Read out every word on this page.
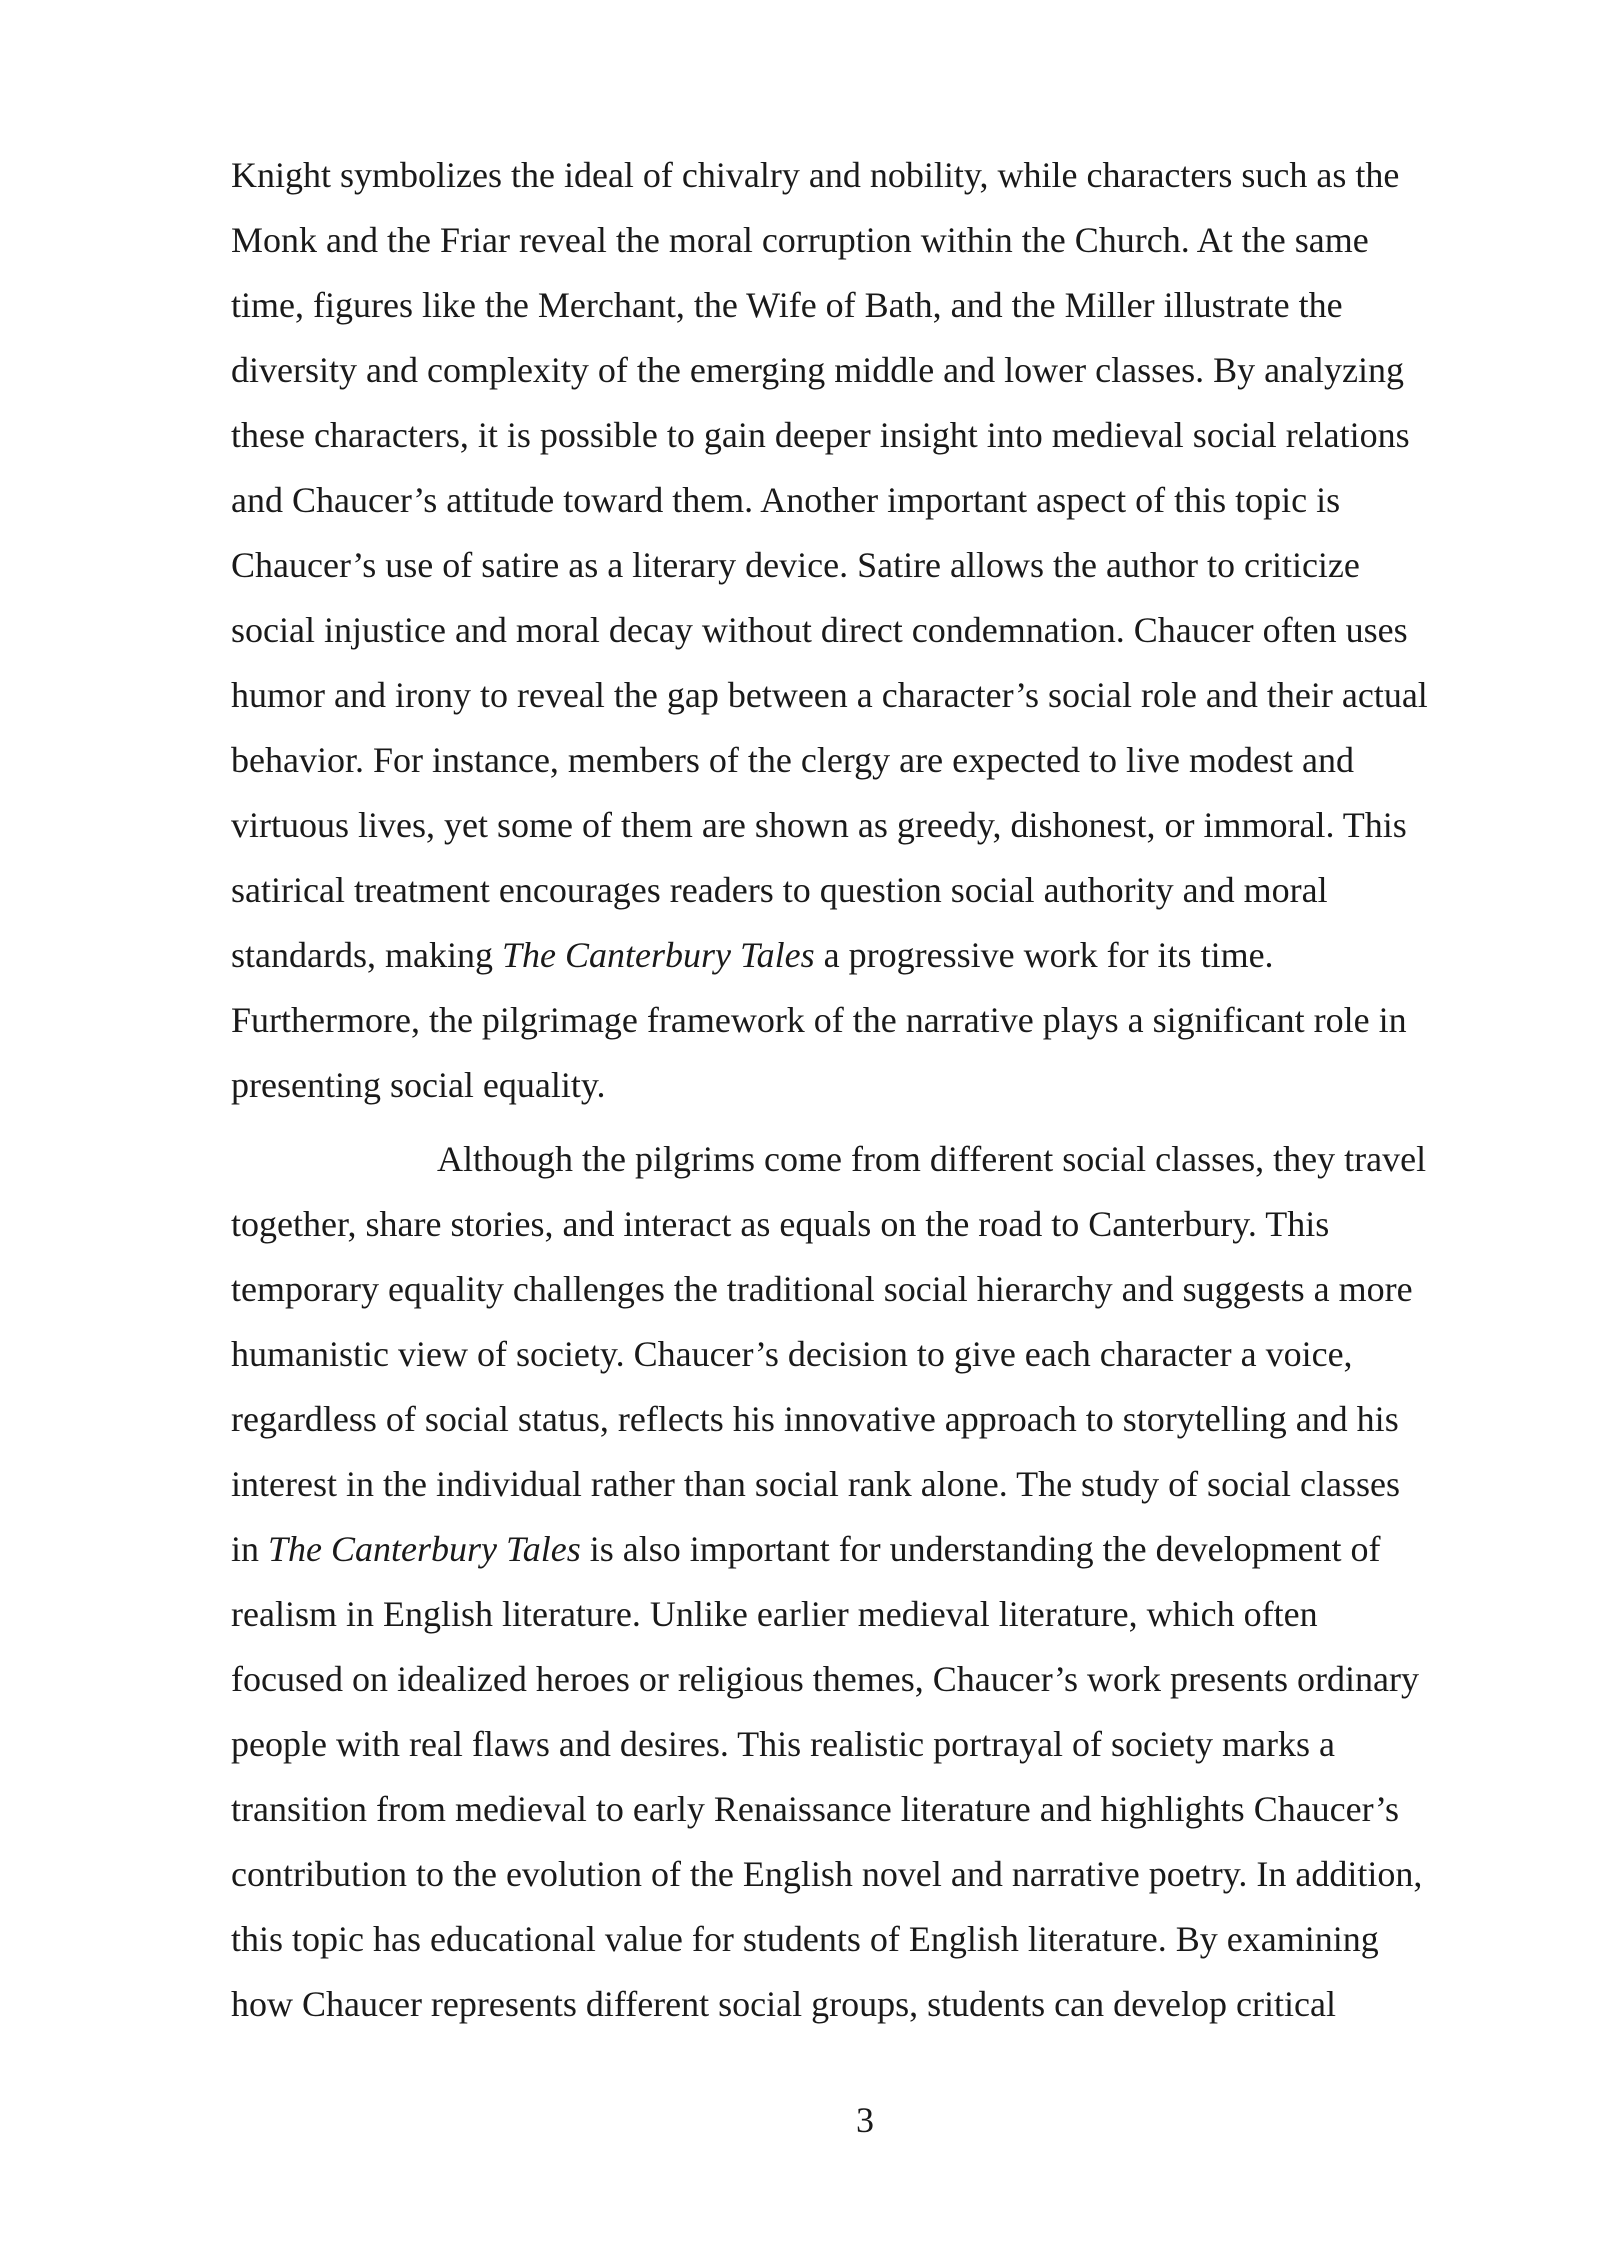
Knight symbolizes the ideal of chivalry and nobility, while characters such as the

Monk and the Friar reveal the moral corruption within the Church. At the same

time, figures like the Merchant, the Wife of Bath, and the Miller illustrate the

diversity and complexity of the emerging middle and lower classes. By analyzing

these characters, it is possible to gain deeper insight into medieval social relations

and Chaucer’s attitude toward them. Another important aspect of this topic is

Chaucer’s use of satire as a literary device. Satire allows the author to criticize

social injustice and moral decay without direct condemnation. Chaucer often uses

humor and irony to reveal the gap between a character’s social role and their actual

behavior. For instance, members of the clergy are expected to live modest and

virtuous lives, yet some of them are shown as greedy, dishonest, or immoral. This

satirical treatment encourages readers to question social authority and moral

standards, making The Canterbury Tales a progressive work for its time.

Furthermore, the pilgrimage framework of the narrative plays a significant role in

presenting social equality.

Although the pilgrims come from different social classes, they travel

together, share stories, and interact as equals on the road to Canterbury. This

temporary equality challenges the traditional social hierarchy and suggests a more

humanistic view of society. Chaucer’s decision to give each character a voice,

regardless of social status, reflects his innovative approach to storytelling and his

interest in the individual rather than social rank alone. The study of social classes

in The Canterbury Tales is also important for understanding the development of

realism in English literature. Unlike earlier medieval literature, which often

focused on idealized heroes or religious themes, Chaucer’s work presents ordinary

people with real flaws and desires. This realistic portrayal of society marks a

transition from medieval to early Renaissance literature and highlights Chaucer’s

contribution to the evolution of the English novel and narrative poetry. In addition,

this topic has educational value for students of English literature. By examining

how Chaucer represents different social groups, students can develop critical

3
